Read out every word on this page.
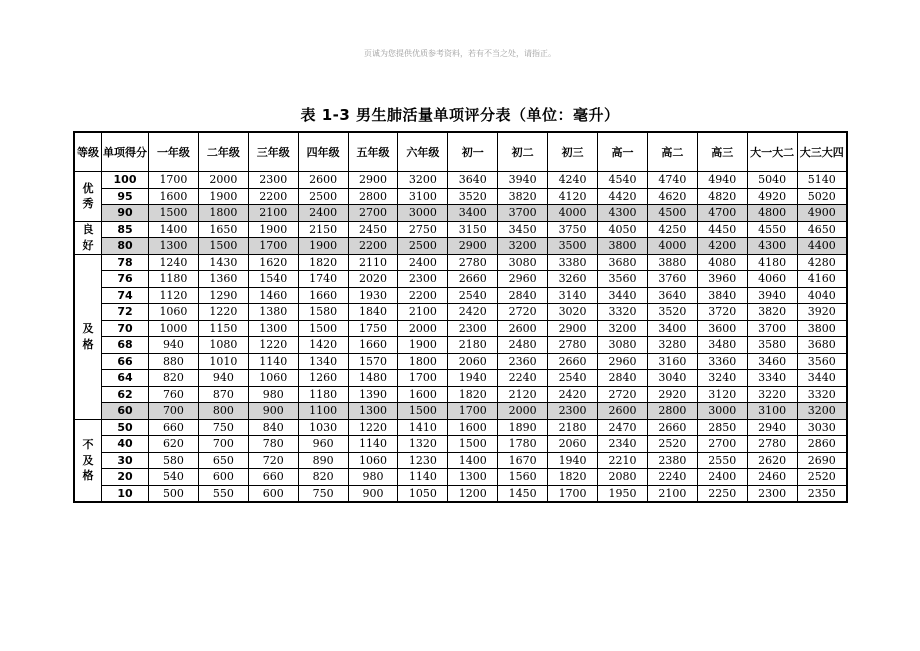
页诚为您提供优质参考资料，若有不当之处，请指正。
表 1-3 男生肺活量单项评分表（单位：毫升）
等级	单项得分	一年级	二年级	三年级	四年级	五年级	六年级	初一	初二	初三	高一	高二	高三	大一大二	大三大四
优
秀	100	1700	2000	2300	2600	2900	3200	3640	3940	4240	4540	4740	4940	5040	5140
	95	1600	1900	2200	2500	2800	3100	3520	3820	4120	4420	4620	4820	4920	5020
	90	1500	1800	2100	2400	2700	3000	3400	3700	4000	4300	4500	4700	4800	4900
良
好	85	1400	1650	1900	2150	2450	2750	3150	3450	3750	4050	4250	4450	4550	4650
	80	1300	1500	1700	1900	2200	2500	2900	3200	3500	3800	4000	4200	4300	4400
及
格	78	1240	1430	1620	1820	2110	2400	2780	3080	3380	3680	3880	4080	4180	4280
	76	1180	1360	1540	1740	2020	2300	2660	2960	3260	3560	3760	3960	4060	4160
	74	1120	1290	1460	1660	1930	2200	2540	2840	3140	3440	3640	3840	3940	4040
	72	1060	1220	1380	1580	1840	2100	2420	2720	3020	3320	3520	3720	3820	3920
	70	1000	1150	1300	1500	1750	2000	2300	2600	2900	3200	3400	3600	3700	3800
	68	940	1080	1220	1420	1660	1900	2180	2480	2780	3080	3280	3480	3580	3680
	66	880	1010	1140	1340	1570	1800	2060	2360	2660	2960	3160	3360	3460	3560
	64	820	940	1060	1260	1480	1700	1940	2240	2540	2840	3040	3240	3340	3440
	62	760	870	980	1180	1390	1600	1820	2120	2420	2720	2920	3120	3220	3320
	60	700	800	900	1100	1300	1500	1700	2000	2300	2600	2800	3000	3100	3200
不
及
格	50	660	750	840	1030	1220	1410	1600	1890	2180	2470	2660	2850	2940	3030
	40	620	700	780	960	1140	1320	1500	1780	2060	2340	2520	2700	2780	2860
	30	580	650	720	890	1060	1230	1400	1670	1940	2210	2380	2550	2620	2690
	20	540	600	660	820	980	1140	1300	1560	1820	2080	2240	2400	2460	2520
	10	500	550	600	750	900	1050	1200	1450	1700	1950	2100	2250	2300	2350
